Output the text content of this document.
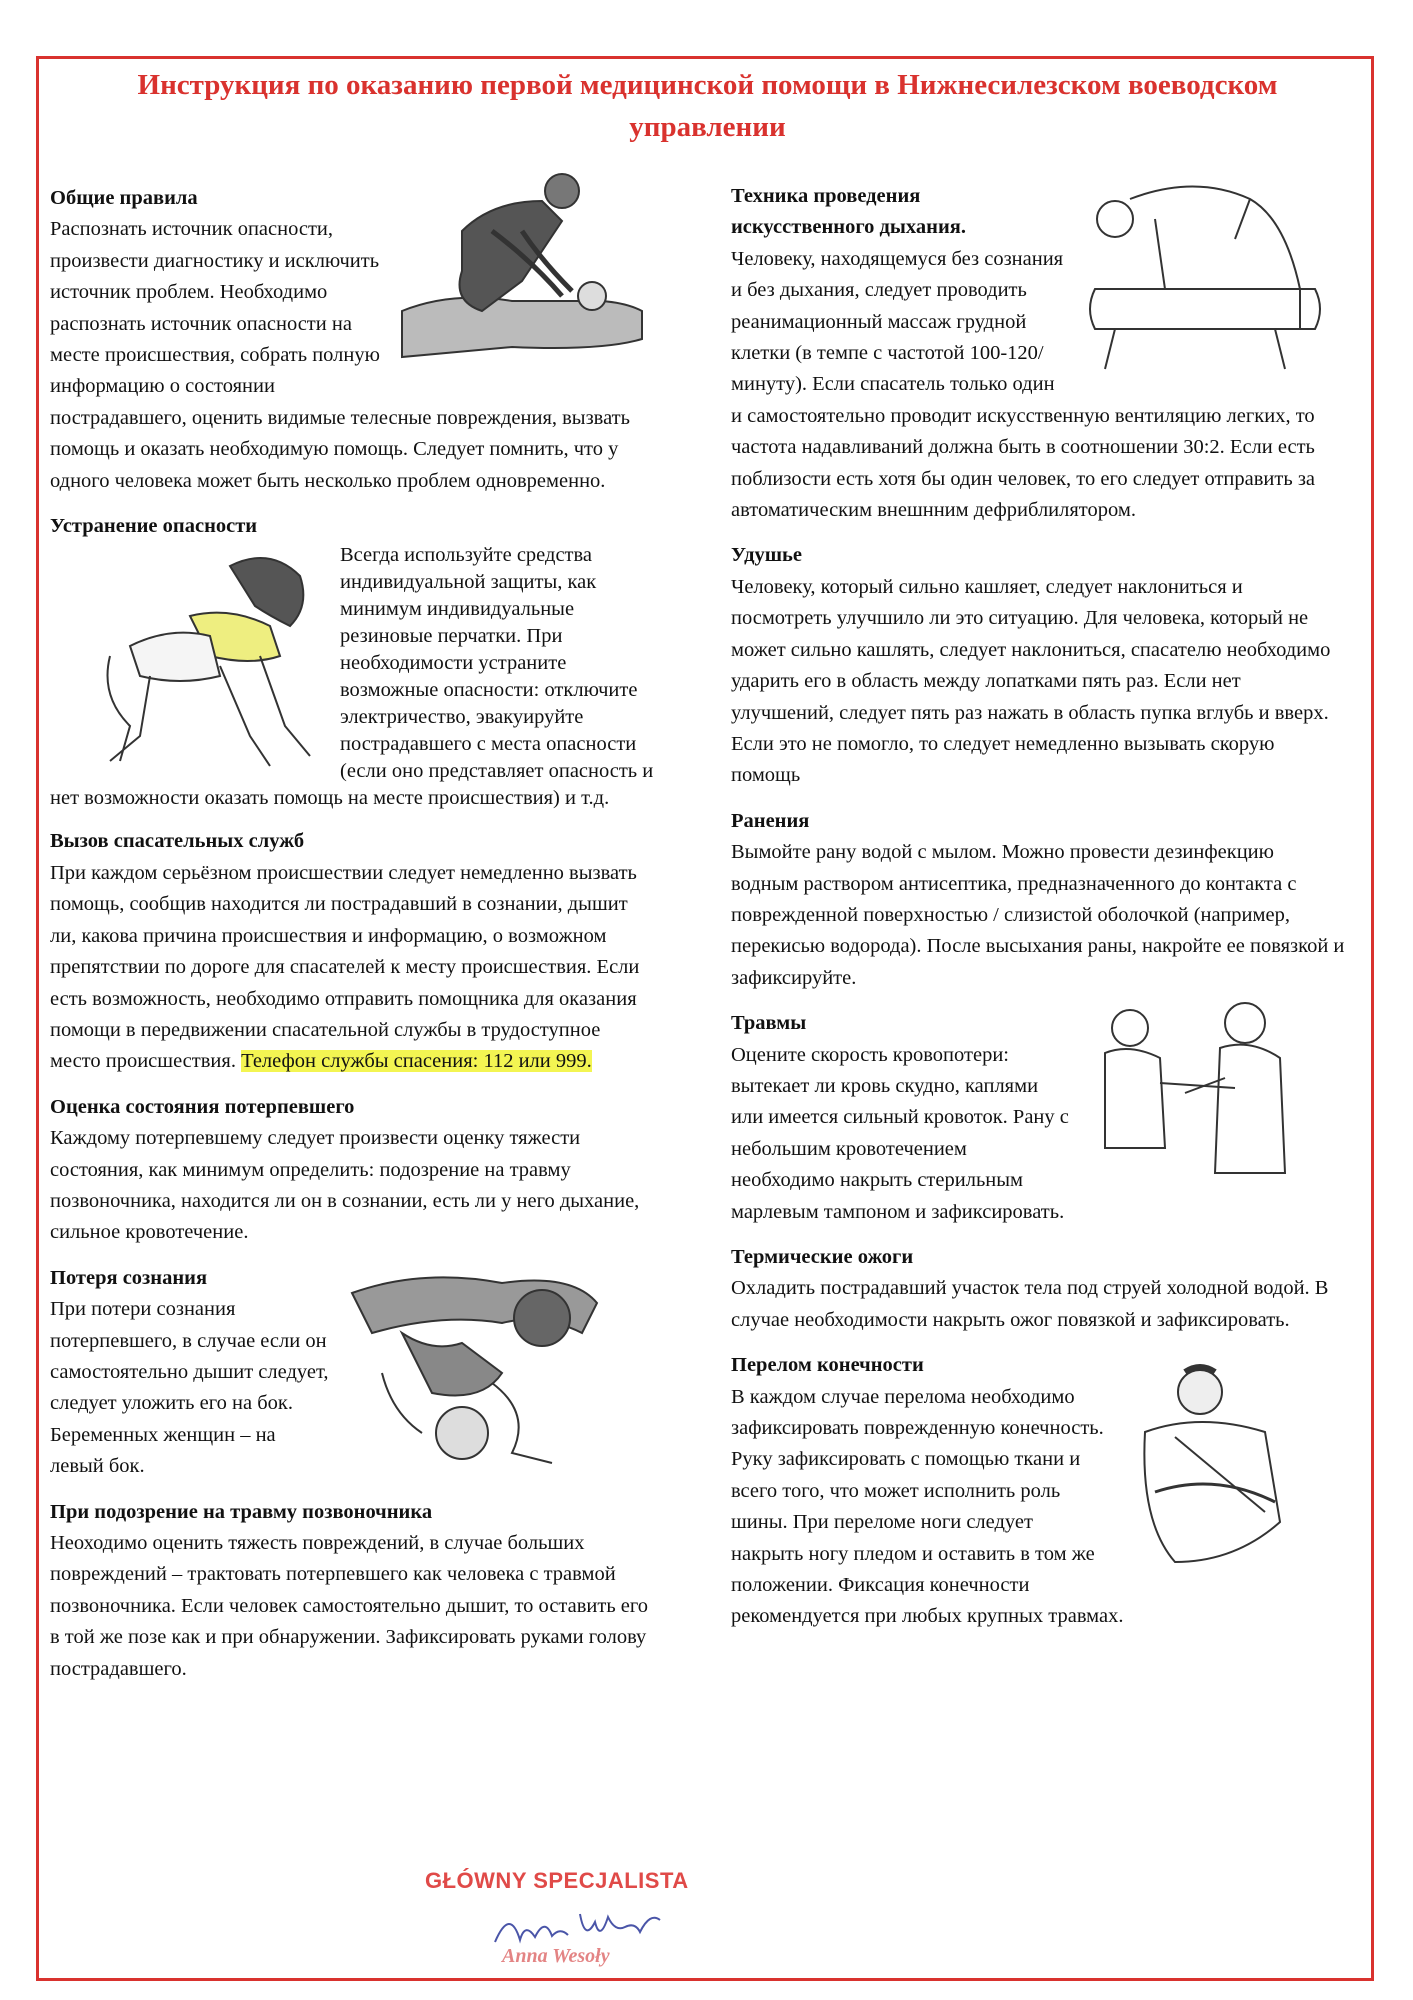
Инструкция по оказанию первой медицинской помощи в Нижнесилезском воеводском управлении
Общие правила

Распознать источник опасности, произвести диагностику и исключить источник проблем. Необходимо распознать источник опасности на месте происшествия, собрать полную информацию о состоянии пострадавшего, оценить видимые телесные повреждения, вызвать помощь и оказать необходимую помощь. Следует помнить, что у одного человека может быть несколько проблем одновременно.

Устранение опасности

Всегда используйте средства индивидуальной защиты, как минимум индивидуальные резиновые перчатки. При необходимости устраните возможные опасности: отключите электричество, эвакуируйте пострадавшего с места опасности (если оно представляет опасность и нет возможности оказать помощь на месте происшествия) и т.д.

Вызов спасательных служб

При каждом серьёзном происшествии следует немедленно вызвать помощь, сообщив находится ли пострадавший в сознании, дышит ли, какова причина происшествия и информацию, о возможном препятствии по дороге для спасателей к месту происшествия. Если есть возможность, необходимо отправить помощника для оказания помощи в передвижении спасательной службы в трудоступное место происшествия. Телефон службы спасения: 112 или 999.

Оценка состояния потерпевшего

Каждому потерпевшему следует произвести оценку тяжести состояния, как минимум определить: подозрение на травму позвоночника, находится ли он в сознании, есть ли у него дыхание, сильное кровотечение.

Потеря сознания

При потери сознания потерпевшего, в случае если он самостоятельно дышит следует, следует уложить его на бок. Беременных женщин – на левый бок.

При подозрение на травму позвоночника

Неоходимо оценить тяжесть повреждений, в случае больших повреждений – трактовать потерпевшего как человека с травмой позвоночника. Если человек самостоятельно дышит, то оставить его в той же позе как и при обнаружении. Зафиксировать руками голову пострадавшего.

Техника проведения искусственного дыхания.

Человеку, находящемуся без сознания и без дыхания, следует проводить реанимационный массаж грудной клетки (в темпе с частотой 100-120/минуту). Если спасатель только один и самостоятельно проводит искусственную вентиляцию легких, то частота надавливаний должна быть в соотношении 30:2. Если есть поблизости есть хотя бы один человек, то его следует отправить за автоматическим внешнним дефриблилятором.

Удушье

Человеку, который сильно кашляет, следует наклониться и посмотреть улучшило ли это ситуацию. Для человека, который не может сильно кашлять, следует наклониться, спасателю необходимо ударить его в область между лопатками пять раз. Если нет улучшений, следует пять раз нажать в область пупка вглубь и вверх. Если это не помогло, то следует немедленно вызывать скорую помощь

Ранения

Вымойте рану водой с мылом. Можно провести дезинфекцию водным раствором антисептика, предназначенного до контакта с поврежденной поверхностью / слизистой оболочкой (например, перекисью водорода). После высыхания раны, накройте ее повязкой и зафиксируйте.

Травмы

Оцените скорость кровопотери: вытекает ли кровь скудно, каплями или имеется сильный кровоток. Рану с небольшим кровотечением необходимо накрыть стерильным марлевым тампоном и зафиксировать.

Термические ожоги

Охладить пострадавший участок тела под струей холодной водой. В случае необходимости накрыть ожог повязкой и зафиксировать.

Перелом конечности

В каждом случае перелома необходимо зафиксировать поврежденную конечность. Руку зафиксировать с помощью ткани и всего того, что может исполнить роль шины. При переломе ноги следует накрыть ногу пледом и оставить в том же положении. Фиксация конечности рекомендуется при любых крупных травмах.

GŁÓWNY SPECJALISTA
Anna Wesoły
